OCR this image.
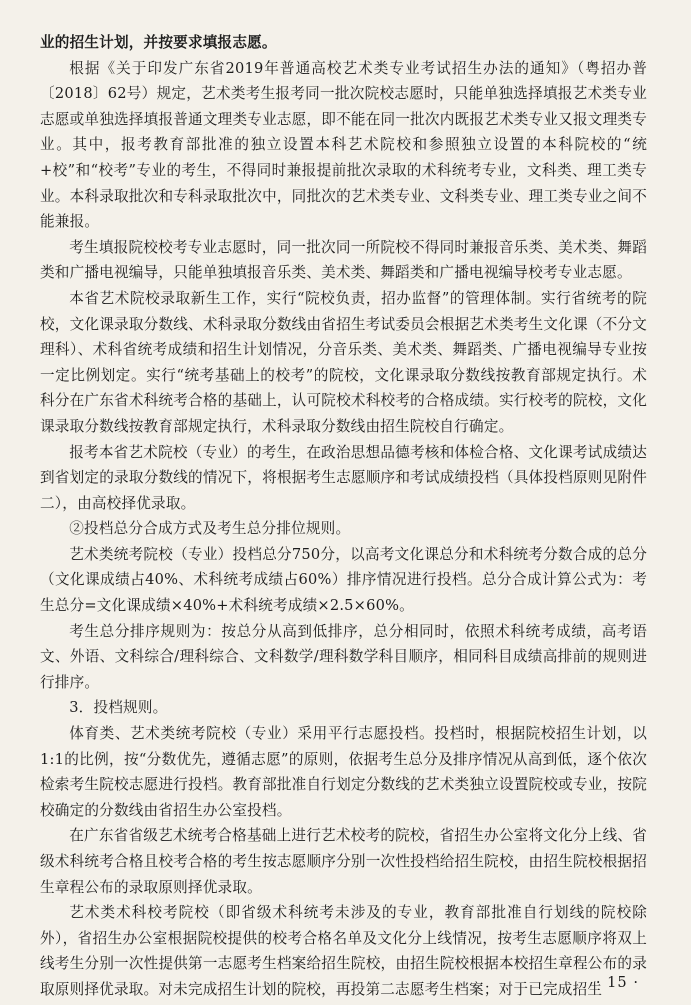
业的招生计划，并按要求填报志愿。

根据《关于印发广东省2019年普通高校艺术类专业考试招生办法的通知》（粤招办普〔2018〕62号）规定，艺术类考生报考同一批次院校志愿时，只能单独选择填报艺术类专业志愿或单独选择填报普通文理类专业志愿，即不能在同一批次内既报艺术类专业又报文理类专业。其中，报考教育部批准的独立设置本科艺术院校和参照独立设置的本科院校的“统+校”和“校考”专业的考生，不得同时兼报提前批次录取的术科统考专业，文科类、理工类专业。本科录取批次和专科录取批次中，同批次的艺术类专业、文科类专业、理工类专业之间不能兼报。

考生填报院校校考专业志愿时，同一批次同一所院校不得同时兼报音乐类、美术类、舞蹈类和广播电视编导，只能单独填报音乐类、美术类、舞蹈类和广播电视编导校考专业志愿。

本省艺术院校录取新生工作，实行“院校负责，招办监督”的管理体制。实行省统考的院校，文化课录取分数线、术科录取分数线由省招生考试委员会根据艺术类考生文化课（不分文理科）、术科省统考成绩和招生计划情况，分音乐类、美术类、舞蹈类、广播电视编导专业按一定比例划定。实行“统考基础上的校考”的院校，文化课录取分数线按教育部规定执行。术科分在广东省术科统考合格的基础上，认可院校术科校考的合格成绩。实行校考的院校，文化课录取分数线按教育部规定执行，术科录取分数线由招生院校自行确定。

报考本省艺术院校（专业）的考生，在政治思想品德考核和体检合格、文化课考试成绩达到省划定的录取分数线的情况下，将根据考生志愿顺序和考试成绩投档（具体投档原则见附件二），由高校择优录取。

②投档总分合成方式及考生总分排位规则。

艺术类统考院校（专业）投档总分750分，以高考文化课总分和术科统考分数合成的总分（文化课成绩占40%、术科统考成绩占60%）排序情况进行投档。总分合成计算公式为：考生总分=文化课成绩×40%+术科统考成绩×2.5×60%。

考生总分排序规则为：按总分从高到低排序，总分相同时，依照术科统考成绩，高考语文、外语、文科综合/理科综合、文科数学/理科数学科目顺序，相同科目成绩高排前的规则进行排序。

3．投档规则。

体育类、艺术类统考院校（专业）采用平行志愿投档。投档时，根据院校招生计划，以1:1的比例，按“分数优先，遵循志愿”的原则，依据考生总分及排序情况从高到低，逐个依次检索考生院校志愿进行投档。教育部批准自行划定分数线的艺术类独立设置院校或专业，按院校确定的分数线由省招生办公室投档。

在广东省省级艺术统考合格基础上进行艺术校考的院校，省招生办公室将文化分上线、省级术科统考合格且校考合格的考生按志愿顺序分别一次性投档给招生院校，由招生院校根据招生章程公布的录取原则择优录取。

艺术类术科校考院校（即省级术科统考未涉及的专业，教育部批准自行划线的院校除外），省招生办公室根据院校提供的校考合格名单及文化分上线情况，按考生志愿顺序将双上线考生分别一次性提供第一志愿考生档案给招生院校，由招生院校根据本校招生章程公布的录取原则择优录取。对未完成招生计划的院校，再投第二志愿考生档案；对于已完成招生

· 15 ·
